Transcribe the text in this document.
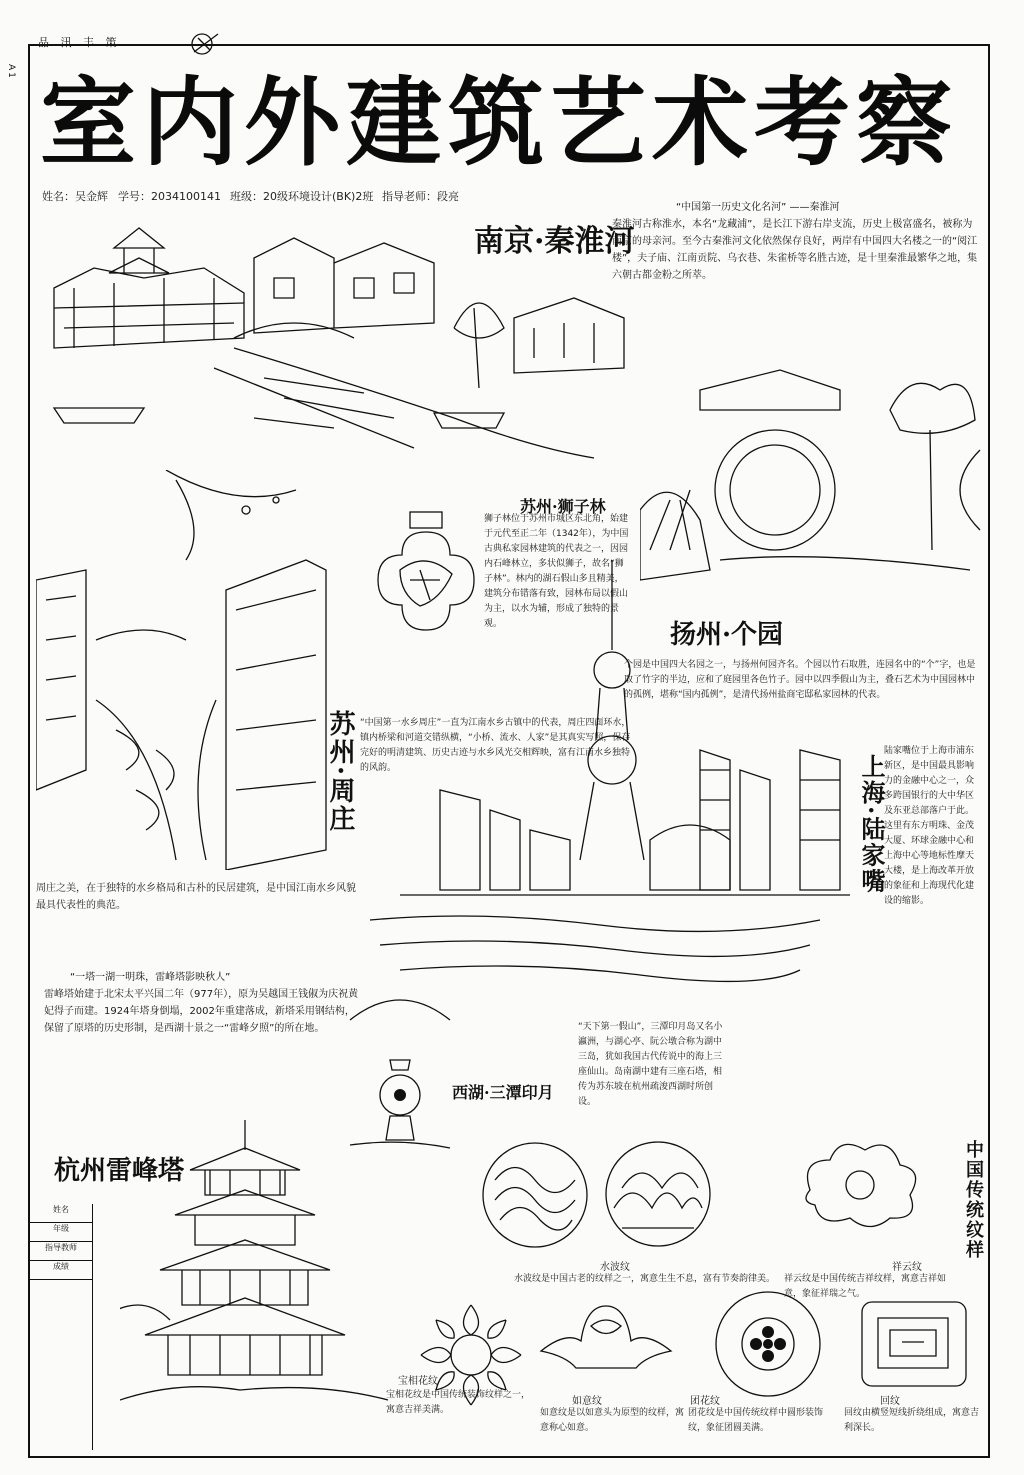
品 汛 丰 策
A1 室内外建筑艺术考察
姓名：吴金辉 学号：2034100141 班级：20级环境设计(BK)2班 指导老师：段亮
南京·秦淮河
“中国第一历史文化名河” ——秦淮河
秦淮河古称淮水，本名“龙藏浦”，是长江下游右岸支流，历史上极富盛名，被称为南京的母亲河。至今古秦淮河文化依然保存良好，两岸有中国四大名楼之一的“阅江楼”，夫子庙、江南贡院、乌衣巷、朱雀桥等名胜古迹，是十里秦淮最繁华之地，集六朝古都金粉之所萃。
苏州·周庄
周庄之美，在于独特的水乡格局和古朴的民居建筑，是中国江南水乡风貌最具代表性的典范。
苏州·狮子林
狮子林位于苏州市城区东北角，始建于元代至正二年（1342年），为中国古典私家园林建筑的代表之一，因园内石峰林立，多状似狮子，故名“狮子林”。林内的湖石假山多且精美，建筑分布错落有致，园林布局以假山为主，以水为辅，形成了独特的景观。
“中国第一水乡周庄”一直为江南水乡古镇中的代表，周庄四面环水，镇内桥梁和河道交错纵横，“小桥、流水、人家”是其真实写照，保存完好的明清建筑、历史古迹与水乡风光交相辉映，富有江南水乡独特的风韵。	上海·陆家嘴
陆家嘴位于上海市浦东新区，是中国最具影响力的金融中心之一，众多跨国银行的大中华区及东亚总部落户于此。这里有东方明珠、金茂大厦、环球金融中心和上海中心等地标性摩天大楼，是上海改革开放的象征和上海现代化建设的缩影。
扬州·个园
个园是中国四大名园之一，与扬州何园齐名。个园以竹石取胜，连园名中的“个”字，也是取了竹字的半边，应和了庭园里各色竹子。园中以四季假山为主，叠石艺术为中国园林中的孤例，堪称“国内孤例”，是清代扬州盐商宅邸私家园林的代表。
“一塔一湖一明珠，雷峰塔影映秋人”
雷峰塔始建于北宋太平兴国二年（977年），原为吴越国王钱俶为庆祝黄妃得子而建。1924年塔身倒塌，2002年重建落成，新塔采用钢结构，保留了原塔的历史形制，是西湖十景之一“雷峰夕照”的所在地。
杭州雷峰塔
西湖·三潭印月
“天下第一假山”，三潭印月岛又名小瀛洲，与湖心亭、阮公墩合称为湖中三岛，犹如我国古代传说中的海上三座仙山。岛南湖中建有三座石塔，相传为苏东坡在杭州疏浚西湖时所创设。
中国传统纹样
水波纹
水波纹是中国古老的纹样之一，寓意生生不息，富有节奏韵律美。
祥云纹
祥云纹是中国传统吉祥纹样，寓意吉祥如意，象征祥瑞之气。
宝相花纹
宝相花纹是中国传统装饰纹样之一，寓意吉祥美满。
如意纹
如意纹是以如意头为原型的纹样，寓意称心如意。
团花纹
团花纹是中国传统纹样中圆形装饰纹，象征团圆美满。
回纹
回纹由横竖短线折绕组成，寓意吉利深长。
姓名
年级
指导教师
成绩
